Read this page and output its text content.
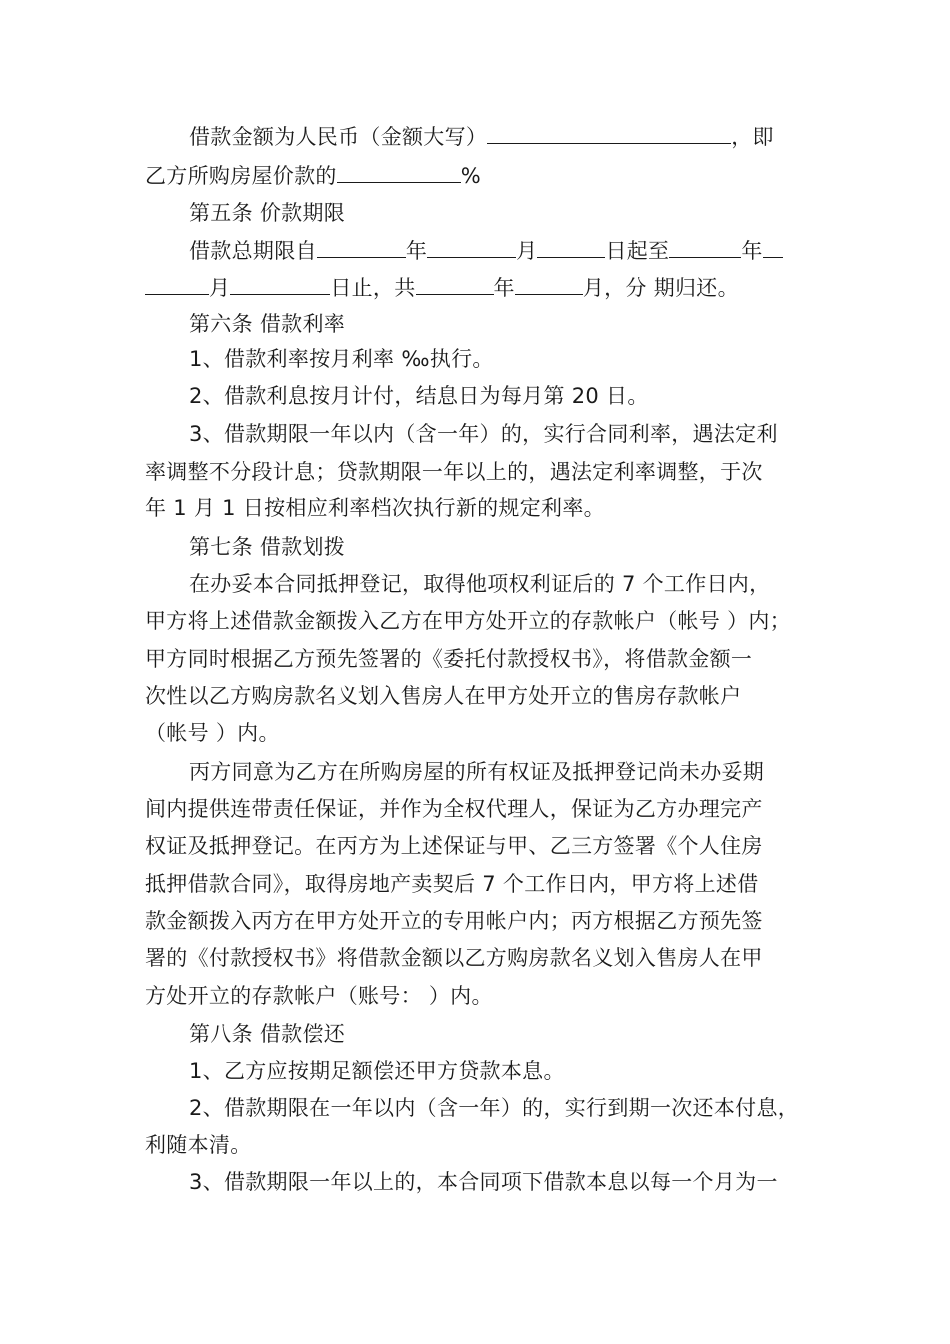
借款金额为人民币（金额大写）	，即
乙方所购房屋价款的	%
第五条 价款期限
借款总期限自	年	月	日起至	年
月	日止，共	年	月，分 期归还。
第六条 借款利率
1、借款利率按月利率 ‰执行。
2、借款利息按月计付，结息日为每月第 20 日。
3、借款期限一年以内（含一年）的，实行合同利率，遇法定利
率调整不分段计息；贷款期限一年以上的，遇法定利率调整，于次
年 1 月 1 日按相应利率档次执行新的规定利率。
第七条 借款划拨
在办妥本合同抵押登记，取得他项权利证后的 7 个工作日内，
甲方将上述借款金额拨入乙方在甲方处开立的存款帐户（帐号 ）内；
甲方同时根据乙方预先签署的《委托付款授权书》，将借款金额一
次性以乙方购房款名义划入售房人在甲方处开立的售房存款帐户
（帐号 ）内。
丙方同意为乙方在所购房屋的所有权证及抵押登记尚未办妥期
间内提供连带责任保证，并作为全权代理人，保证为乙方办理完产
权证及抵押登记。在丙方为上述保证与甲、乙三方签署《个人住房
抵押借款合同》，取得房地产卖契后 7 个工作日内，甲方将上述借
款金额拨入丙方在甲方处开立的专用帐户内；丙方根据乙方预先签
署的《付款授权书》将借款金额以乙方购房款名义划入售房人在甲
方处开立的存款帐户（账号： ）内。
第八条 借款偿还
1、乙方应按期足额偿还甲方贷款本息。
2、借款期限在一年以内（含一年）的，实行到期一次还本付息，
利随本清。
3、借款期限一年以上的，本合同项下借款本息以每一个月为一
